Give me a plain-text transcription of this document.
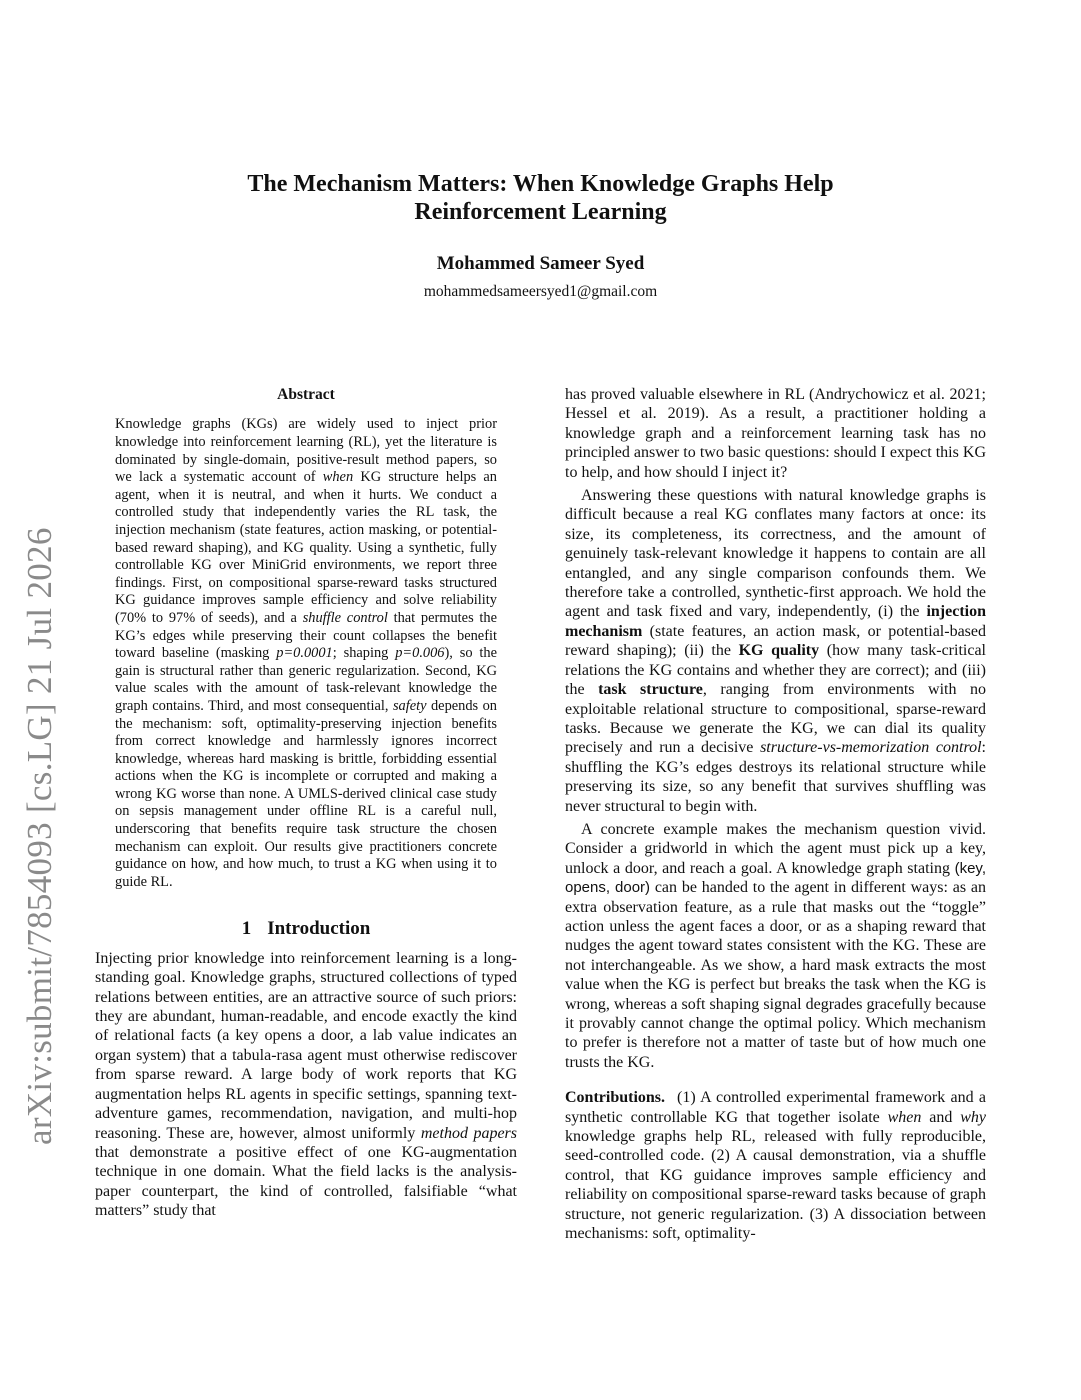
arXiv:submit/7854093 [cs.LG] 21 Jul 2026
The Mechanism Matters: When Knowledge Graphs Help
Reinforcement Learning
Mohammed Sameer Syed
mohammedsameersyed1@gmail.com
Abstract

Knowledge graphs (KGs) are widely used to inject prior knowledge into reinforcement learning (RL), yet the literature is dominated by single-domain, positive-result method papers, so we lack a systematic account of when KG structure helps an agent, when it is neutral, and when it hurts. We conduct a controlled study that independently varies the RL task, the injection mechanism (state features, action masking, or potential-based reward shaping), and KG quality. Using a synthetic, fully controllable KG over MiniGrid environments, we report three findings. First, on compositional sparse-reward tasks structured KG guidance improves sample efficiency and solve reliability (70% to 97% of seeds), and a shuffle control that permutes the KG’s edges while preserving their count collapses the benefit toward baseline (masking p=0.0001; shaping p=0.006), so the gain is structural rather than generic regularization. Second, KG value scales with the amount of task-relevant knowledge the graph contains. Third, and most consequential, safety depends on the mechanism: soft, optimality-preserving injection benefits from correct knowledge and harmlessly ignores incorrect knowledge, whereas hard masking is brittle, forbidding essential actions when the KG is incomplete or corrupted and making a wrong KG worse than none. A UMLS-derived clinical case study on sepsis management under offline RL is a careful null, underscoring that benefits require task structure the chosen mechanism can exploit. Our results give practitioners concrete guidance on how, and how much, to trust a KG when using it to guide RL.

1 Introduction

Injecting prior knowledge into reinforcement learning is a long-standing goal. Knowledge graphs, structured collections of typed relations between entities, are an attractive source of such priors: they are abundant, human-readable, and encode exactly the kind of relational facts (a key opens a door, a lab value indicates an organ system) that a tabula-rasa agent must otherwise rediscover from sparse reward. A large body of work reports that KG augmentation helps RL agents in specific settings, spanning text-adventure games, recommendation, navigation, and multi-hop reasoning. These are, however, almost uniformly method papers that demonstrate a positive effect of one KG-augmentation technique in one domain. What the field lacks is the analysis-paper counterpart, the kind of controlled, falsifiable “what matters” study that

has proved valuable elsewhere in RL (Andrychowicz et al. 2021; Hessel et al. 2019). As a result, a practitioner holding a knowledge graph and a reinforcement learning task has no principled answer to two basic questions: should I expect this KG to help, and how should I inject it?

Answering these questions with natural knowledge graphs is difficult because a real KG conflates many factors at once: its size, its completeness, its correctness, and the amount of genuinely task-relevant knowledge it happens to contain are all entangled, and any single comparison confounds them. We therefore take a controlled, synthetic-first approach. We hold the agent and task fixed and vary, independently, (i) the injection mechanism (state features, an action mask, or potential-based reward shaping); (ii) the KG quality (how many task-critical relations the KG contains and whether they are correct); and (iii) the task structure, ranging from environments with no exploitable relational structure to compositional, sparse-reward tasks. Because we generate the KG, we can dial its quality precisely and run a decisive structure-vs-memorization control: shuffling the KG’s edges destroys its relational structure while preserving its size, so any benefit that survives shuffling was never structural to begin with.

A concrete example makes the mechanism question vivid. Consider a gridworld in which the agent must pick up a key, unlock a door, and reach a goal. A knowledge graph stating (key, opens, door) can be handed to the agent in different ways: as an extra observation feature, as a rule that masks out the “toggle” action unless the agent faces a door, or as a shaping reward that nudges the agent toward states consistent with the KG. These are not interchangeable. As we show, a hard mask extracts the most value when the KG is perfect but breaks the task when the KG is wrong, whereas a soft shaping signal degrades gracefully because it provably cannot change the optimal policy. Which mechanism to prefer is therefore not a matter of taste but of how much one trusts the KG.

Contributions. (1) A controlled experimental framework and a synthetic controllable KG that together isolate when and why knowledge graphs help RL, released with fully reproducible, seed-controlled code. (2) A causal demonstration, via a shuffle control, that KG guidance improves sample efficiency and reliability on compositional sparse-reward tasks because of graph structure, not generic regularization. (3) A dissociation between mechanisms: soft, optimality-
